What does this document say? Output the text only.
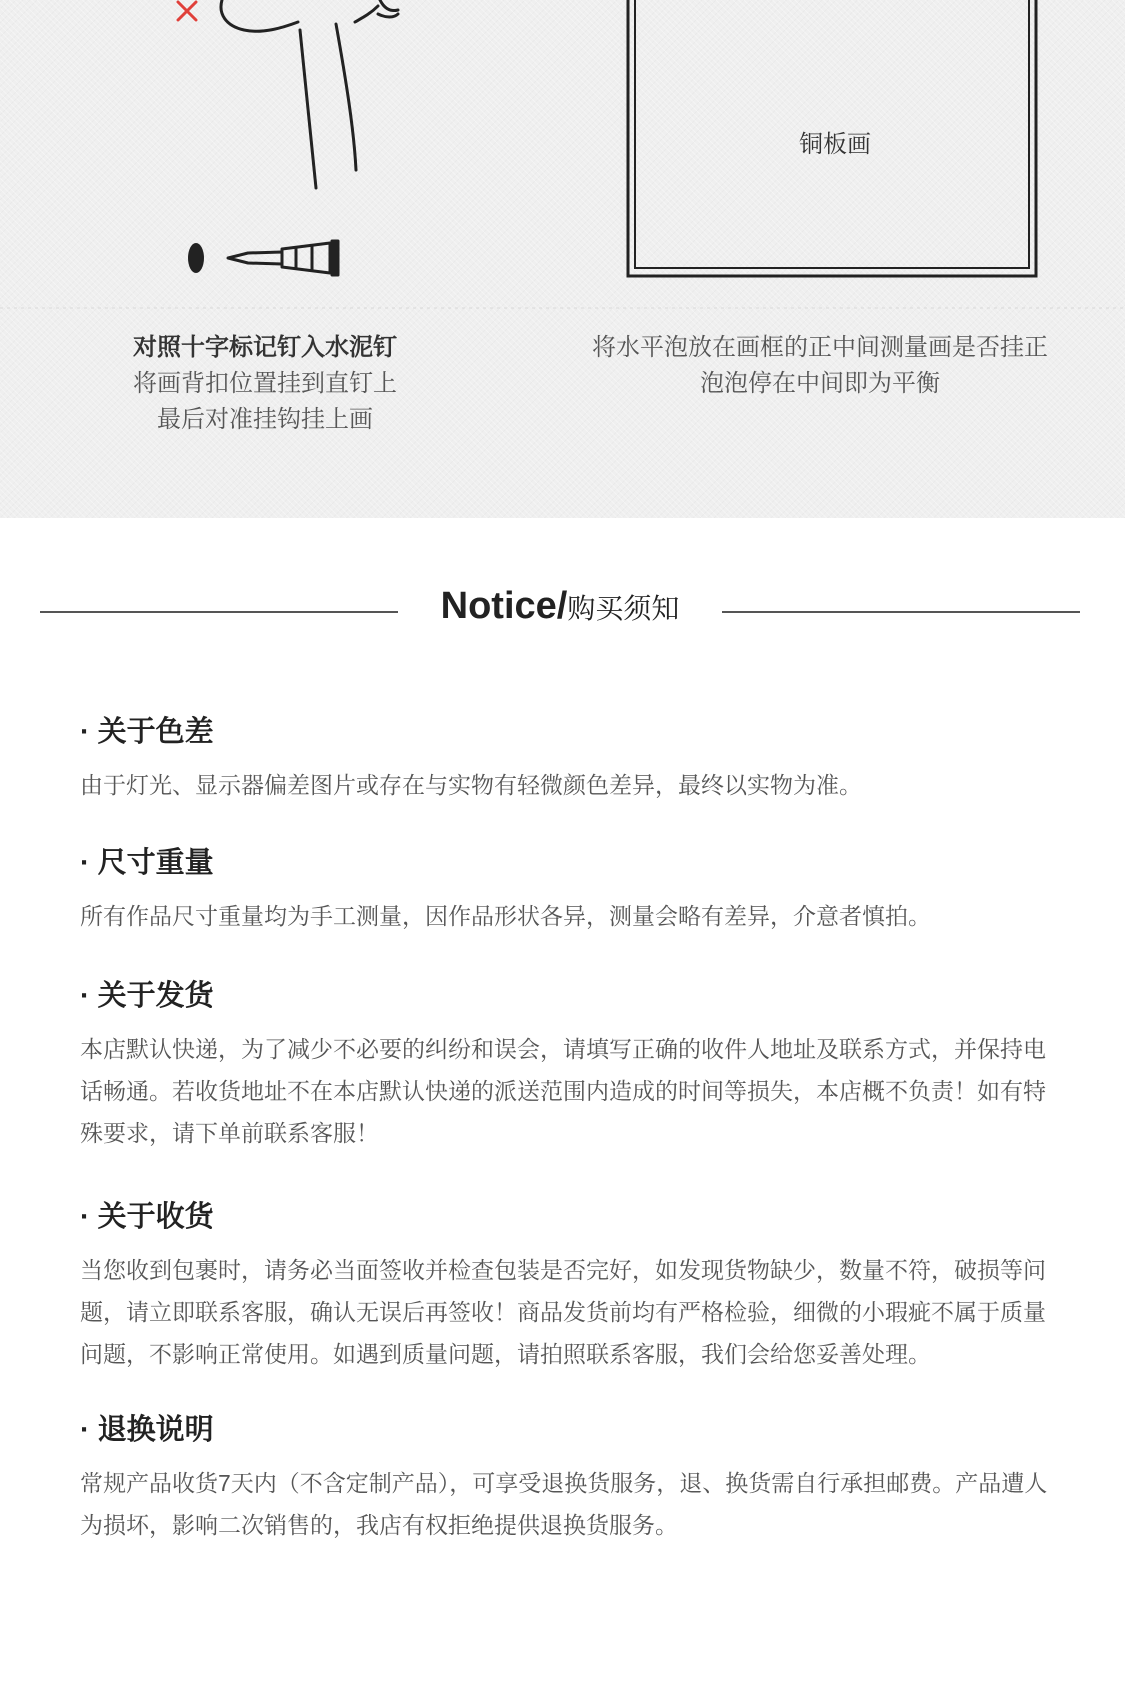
铜板画
对照十字标记钉入水泥钉
将画背扣位置挂到直钉上
最后对准挂钩挂上画
将水平泡放在画框的正中间测量画是否挂正
泡泡停在中间即为平衡
Notice/购买须知
· 关于色差

由于灯光、显示器偏差图片或存在与实物有轻微颜色差异，最终以实物为准。

· 尺寸重量

所有作品尺寸重量均为手工测量，因作品形状各异，测量会略有差异，介意者慎拍。

· 关于发货

本店默认快递，为了减少不必要的纠纷和误会，请填写正确的收件人地址及联系方式，并保持电话畅通。若收货地址不在本店默认快递的派送范围内造成的时间等损失，本店概不负责！如有特殊要求，请下单前联系客服！

· 关于收货

当您收到包裹时，请务必当面签收并检查包装是否完好，如发现货物缺少，数量不符，破损等问题，请立即联系客服，确认无误后再签收！商品发货前均有严格检验，细微的小瑕疵不属于质量问题，不影响正常使用。如遇到质量问题，请拍照联系客服，我们会给您妥善处理。

· 退换说明

常规产品收货7天内（不含定制产品），可享受退换货服务，退、换货需自行承担邮费。产品遭人为损坏，影响二次销售的，我店有权拒绝提供退换货服务。
